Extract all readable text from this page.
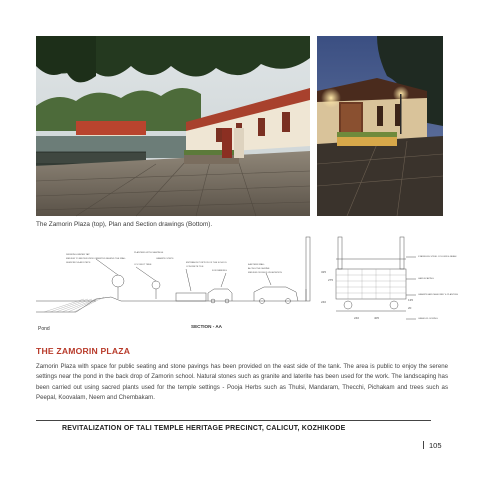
The Zamorin Plaza (top), Plan and Section drawings (Bottom).
DRINKING WATER TAP
MEDIUM TO BROWN VIEW ORIENTED BEHIND THE WALL
SEMICIRCULAR STEPS
PLANTERS WITH SEATINGS
COCONUT TREE
GRANITE STEPS
ENTRANCE PORTION OF THE SCHOOL
CONCRETE TILE
FOR PARKING
EASTERN WALL
ALONG THE SHRINE
MEDIUM OR RIGID VEGETATION
STAINLESS STEEL COLUMN & BEAM
LANDSCAPING
GRANITE AND MASONRY & PLANTING
GRASS FLOORING
325
275
240
240	405
135
20
SECTION - AA
Pond
THE ZAMORIN PLAZA
Zamorin Plaza with space for public seating and stone pavings has been provided on the east side of the tank. The area is public to enjoy the serene settings near the pond in the back drop of Zamorin school. Natural stones such as granite and laterite has been used for the work. The landscaping has been carried out using sacred plants used for the temple settings - Pooja Herbs such as Thulsi, Mandaram, Thecchi, Pichakam and trees such as Peepal, Koovalam, Neem and Chembakam.
REVITALIZATION OF TALI TEMPLE HERITAGE PRECINCT, CALICUT, KOZHIKODE
105
